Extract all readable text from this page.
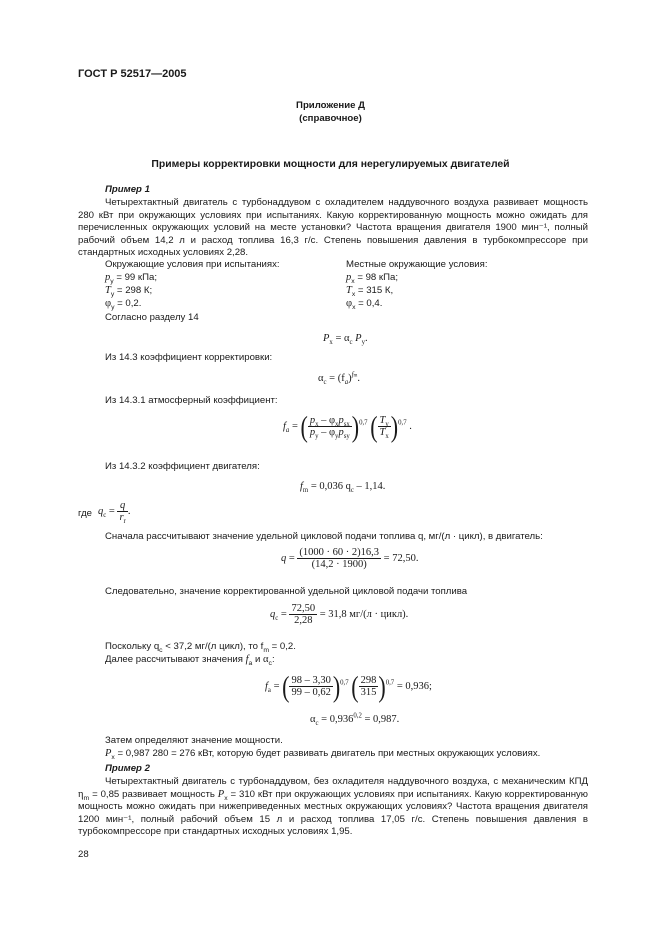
ГОСТ Р 52517—2005
Приложение Д
(справочное)
Примеры корректировки мощности для нерегулируемых двигателей
Пример 1
Четырехтактный двигатель с турбонаддувом с охладителем наддувочного воздуха развивает мощность 280 кВт при окружающих условиях при испытаниях. Какую корректированную мощность можно ожидать для перечисленных окружающих условий на месте установки? Частота вращения двигателя 1900 мин⁻¹, полный рабочий объем 14,2 л и расход топлива 16,3 г/с. Степень повышения давления в турбокомпрессоре при стандартных исходных условиях 2,28.
Окружающие условия при испытаниях:
$p_у = 99$ кПа;
$T_у = 298$ К;
$\varphi_у = 0,2$.
Местные окружающие условия:
$p_x = 98$ кПа;
$T_x = 315$ К,
$\varphi_x = 0,4$.
Согласно разделу 14
$P_x = \alpha_c$ $P_y$.
Из 14.3 коэффициент корректировки:
$\alpha_c = (f_a)^{fm}$.
Из 14.3.1 атмосферный коэффициент:
$f_a$ = ( $\frac{p_x - \varphi_xp_{sx}}{p_y - \varphi_yp_{sy}} )^{0,7}$ ( $\frac{T_y}{T_x} )^{0,7}$ .
Из 14.3.2 коэффициент двигателя:
$f_m = 0,036$ $q_c - 1,14$.
где $q_c = \frac{q}{r_r}$ .
Сначала рассчитывают значение удельной цикловой подачи топлива q, мг/(л · цикл), в двигатель:
$q = \frac{(1000 \cdot 60 \cdot 2)16,3}{(14,2 \cdot 1900)} = 72,50$.
Следовательно, значение корректированной удельной цикловой подачи топлива
$q_c = \frac{72,50}{2,28} = 31,8$ мг/(л · цикл).
Поскольку $q_c < 37,2$ мг/(л цикл), то $f_m = 0,2$.
Далее рассчитывают значения $f_a$ и $\alpha_c$:
$f_a$ = ( $\frac{98 - 3,30}{99 - 0,62} )^{0,7}$ ( $\frac{298}{315} )^{0,7} = 0,936$;
$\alpha_c = 0,936^{0,2} = 0,987$.
Затем определяют значение мощности.
$P_x = 0,987$ 280 = 276 кВт, которую будет развивать двигатель при местных окружающих условиях.
Пример 2
Четырехтактный двигатель с турбонаддувом, без охладителя наддувочного воздуха, с механическим КПД $\eta_m = 0,85$ развивает мощность $P_x = 310$ кВт при окружающих условиях при испытаниях. Какую корректированную мощность можно ожидать при нижеприведенных местных окружающих условиях? Частота вращения двигателя 1200 мин⁻¹, полный рабочий объем 15 л и расход топлива 17,05 г/с. Степень повышения давления в турбокомпрессоре при стандартных исходных условиях 1,95.
28
